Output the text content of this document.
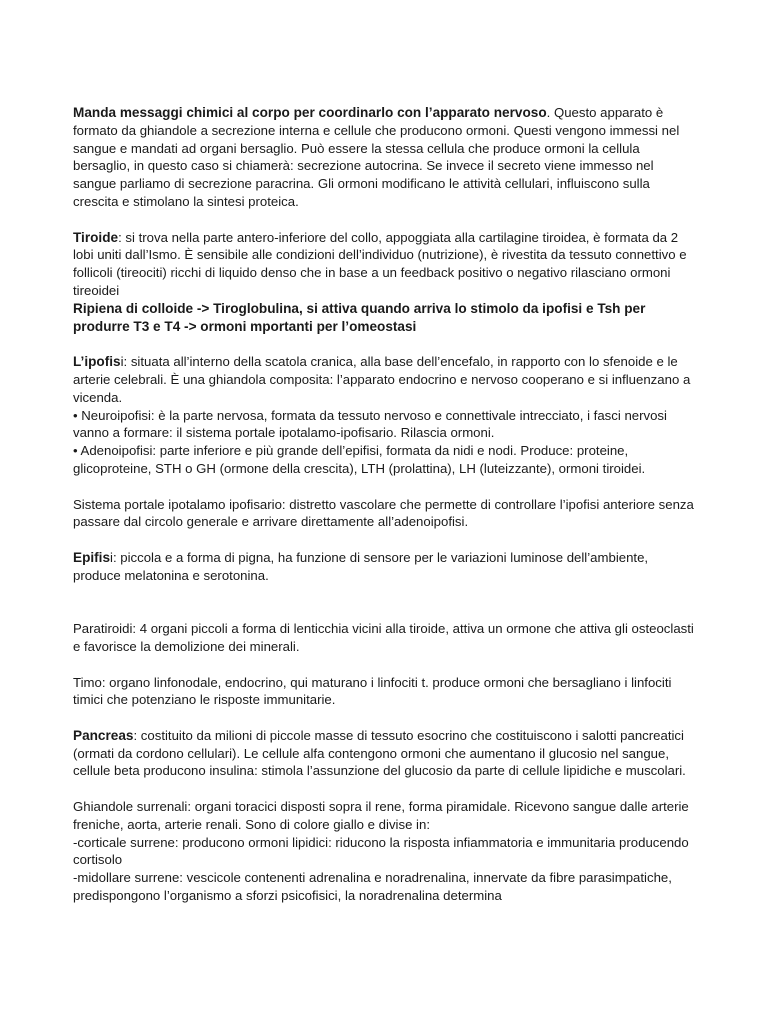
Manda messaggi chimici al corpo per coordinarlo con l’apparato nervoso. Questo apparato è formato da ghiandole a secrezione interna e cellule che producono ormoni. Questi vengono immessi nel sangue e mandati ad organi bersaglio. Può essere la stessa cellula che produce ormoni la cellula bersaglio, in questo caso si chiamerà: secrezione autocrina. Se invece il secreto viene immesso nel sangue parliamo di secrezione paracrina. Gli ormoni modificano le attività cellulari, influiscono sulla crescita e stimolano la sintesi proteica.

Tiroide: si trova nella parte antero-inferiore del collo, appoggiata alla cartilagine tiroidea, è formata da 2 lobi uniti dall’Ismo. È sensibile alle condizioni dell’individuo (nutrizione), è rivestita da tessuto connettivo e follicoli (tireociti) ricchi di liquido denso che in base a un feedback positivo o negativo rilasciano ormoni tireoidei

Ripiena di colloide -> Tiroglobulina, si attiva quando arriva lo stimolo da ipofisi e Tsh per produrre T3 e T4 -> ormoni mportanti per l’omeostasi

L’ipofisi: situata all’interno della scatola cranica, alla base dell’encefalo, in rapporto con lo sfenoide e le arterie celebrali. È una ghiandola composita: l’apparato endocrino e nervoso cooperano e si influenzano a vicenda.

• Neuroipofisi: è la parte nervosa, formata da tessuto nervoso e connettivale intrecciato, i fasci nervosi vanno a formare: il sistema portale ipotalamo-ipofisario. Rilascia ormoni.

• Adenoipofisi: parte inferiore e più grande dell’epifisi, formata da nidi e nodi. Produce: proteine, glicoproteine, STH o GH (ormone della crescita), LTH (prolattina), LH (luteizzante), ormoni tiroidei.

Sistema portale ipotalamo ipofisario: distretto vascolare che permette di controllare l’ipofisi anteriore senza passare dal circolo generale e arrivare direttamente all’adenoipofisi.

Epifisi: piccola e a forma di pigna, ha funzione di sensore per le variazioni luminose dell’ambiente, produce melatonina e serotonina.

Paratiroidi: 4 organi piccoli a forma di lenticchia vicini alla tiroide, attiva un ormone che attiva gli osteoclasti e favorisce la demolizione dei minerali.

Timo: organo linfonodale, endocrino, qui maturano i linfociti t. produce ormoni che bersagliano i linfociti timici che potenziano le risposte immunitarie.

Pancreas: costituito da milioni di piccole masse di tessuto esocrino che costituiscono i salotti pancreatici (ormati da cordono cellulari). Le cellule alfa contengono ormoni che aumentano il glucosio nel sangue, cellule beta producono insulina: stimola l’assunzione del glucosio da parte di cellule lipidiche e muscolari.

Ghiandole surrenali: organi toracici disposti sopra il rene, forma piramidale. Ricevono sangue dalle arterie freniche, aorta, arterie renali. Sono di colore giallo e divise in:

-corticale surrene: producono ormoni lipidici: riducono la risposta infiammatoria e immunitaria producendo cortisolo

-midollare surrene: vescicole contenenti adrenalina e noradrenalina, innervate da fibre parasimpatiche, predispongono l’organismo a sforzi psicofisici, la noradrenalina determina
